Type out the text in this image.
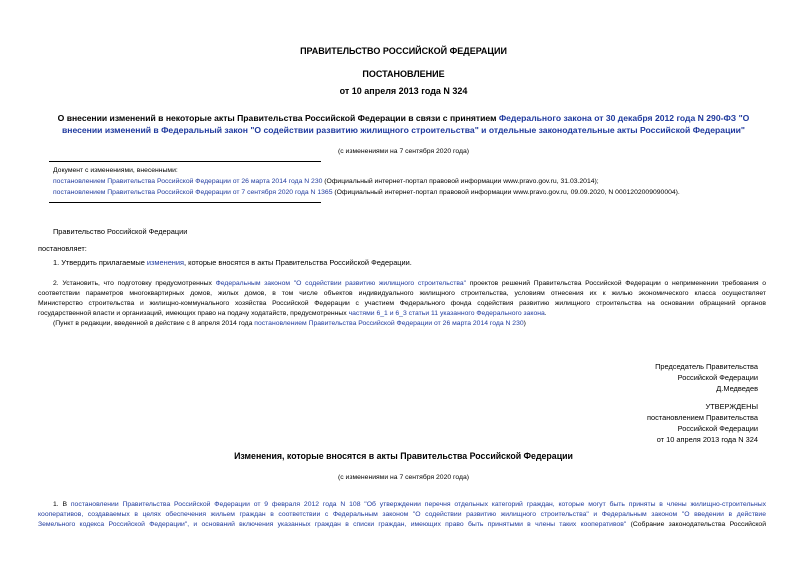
ПРАВИТЕЛЬСТВО РОССИЙСКОЙ ФЕДЕРАЦИИ
ПОСТАНОВЛЕНИЕ
от 10 апреля 2013 года N 324
О внесении изменений в некоторые акты Правительства Российской Федерации в связи с принятием Федерального закона от 30 декабря 2012 года N 290-ФЗ "О
внесении изменений в Федеральный закон "О содействии развитию жилищного строительства" и отдельные законодательные акты Российской Федерации"
(с изменениями на 7 сентября 2020 года)
Документ с изменениями, внесенными:
постановлением Правительства Российской Федерации от 26 марта 2014 года N 230 (Официальный интернет-портал правовой информации www.pravo.gov.ru, 31.03.2014);
постановлением Правительства Российской Федерации от 7 сентября 2020 года N 1365 (Официальный интернет-портал правовой информации www.pravo.gov.ru, 09.09.2020, N 0001202009090004).
Правительство Российской Федерации
постановляет:
1. Утвердить прилагаемые изменения, которые вносятся в акты Правительства Российской Федерации.
2. Установить, что подготовку предусмотренных Федеральным законом "О содействии развитию жилищного строительства" проектов решений Правительства Российской Федерации о неприменении требования о
соответствии параметров многоквартирных домов, жилых домов, в том числе объектов индивидуального жилищного строительства, условиям отнесения их к жилью экономического класса осуществляет
Министерство строительства и жилищно-коммунального хозяйства Российской Федерации с участием Федерального фонда содействия развитию жилищного строительства на основании обращений органов
государственной власти и организаций, имеющих право на подачу ходатайств, предусмотренных частями 6_1 и 6_3 статьи 11 указанного Федерального закона.
(Пункт в редакции, введенной в действие с 8 апреля 2014 года постановлением Правительства Российской Федерации от 26 марта 2014 года N 230)
Председатель Правительства
Российской Федерации
Д.Медведев
УТВЕРЖДЕНЫ
постановлением Правительства
Российской Федерации
от 10 апреля 2013 года N 324
Изменения, которые вносятся в акты Правительства Российской Федерации
(с изменениями на 7 сентября 2020 года)
1. В постановлении Правительства Российской Федерации от 9 февраля 2012 года N 108 "Об утверждении перечня отдельных категорий граждан, которые могут быть приняты в члены жилищно-строительных
кооперативов, создаваемых в целях обеспечения жильем граждан в соответствии с Федеральным законом "О содействии развитию жилищного строительства" и Федеральным законом "О введении в действие
Земельного кодекса Российской Федерации", и оснований включения указанных граждан в списки граждан, имеющих право быть принятыми в члены таких кооперативов" (Собрание законодательства Российской
